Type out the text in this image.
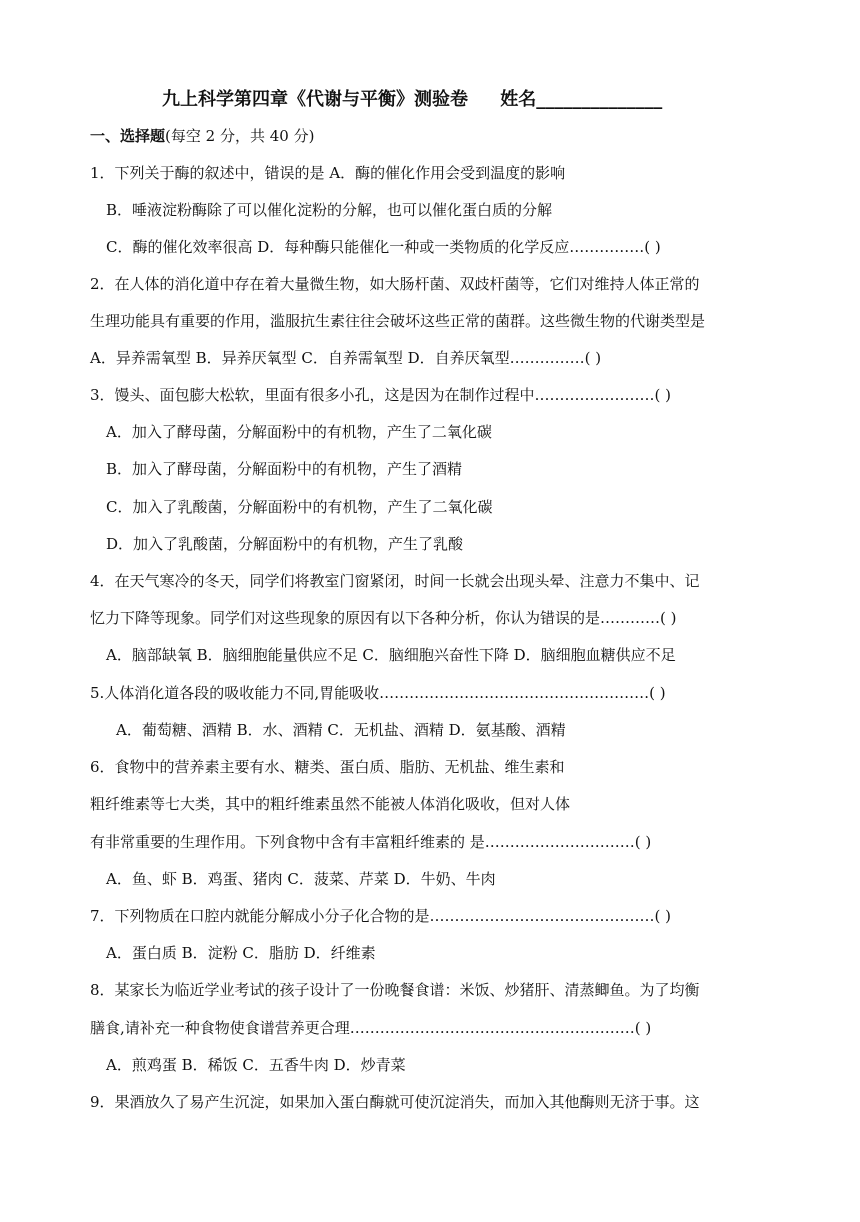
九上科学第四章《代谢与平衡》测验卷 姓名______________
一、选择题(每空 2 分，共 40 分)
1．下列关于酶的叙述中，错误的是 A．酶的催化作用会受到温度的影响
B．唾液淀粉酶除了可以催化淀粉的分解，也可以催化蛋白质的分解
C．酶的催化效率很高 D．每种酶只能催化一种或一类物质的化学反应……………( )
2．在人体的消化道中存在着大量微生物，如大肠杆菌、双歧杆菌等，它们对维持人体正常的
生理功能具有重要的作用，滥服抗生素往往会破坏这些正常的菌群。这些微生物的代谢类型是
A．异养需氧型 B．异养厌氧型 C．自养需氧型 D．自养厌氧型……………( )
3．馒头、面包膨大松软，里面有很多小孔，这是因为在制作过程中……………………( )
A．加入了酵母菌，分解面粉中的有机物，产生了二氧化碳
B．加入了酵母菌，分解面粉中的有机物，产生了酒精
C．加入了乳酸菌，分解面粉中的有机物，产生了二氧化碳
D．加入了乳酸菌，分解面粉中的有机物，产生了乳酸
4．在天气寒冷的冬天，同学们将教室门窗紧闭，时间一长就会出现头晕、注意力不集中、记
忆力下降等现象。同学们对这些现象的原因有以下各种分析，你认为错误的是…………( )
A．脑部缺氧 B．脑细胞能量供应不足 C．脑细胞兴奋性下降 D．脑细胞血糖供应不足
5.人体消化道各段的吸收能力不同,胃能吸收………………………………………………( )
A．葡萄糖、酒精 B．水、酒精 C．无机盐、酒精 D．氨基酸、酒精
6．食物中的营养素主要有水、糖类、蛋白质、脂肪、无机盐、维生素和
粗纤维素等七大类，其中的粗纤维素虽然不能被人体消化吸收，但对人体
有非常重要的生理作用。下列食物中含有丰富粗纤维素的 是…………………………( )
A．鱼、虾 B．鸡蛋、猪肉 C．菠菜、芹菜 D．牛奶、牛肉
7．下列物质在口腔内就能分解成小分子化合物的是………………………………………( )
A．蛋白质 B．淀粉 C．脂肪 D．纤维素
8．某家长为临近学业考试的孩子设计了一份晚餐食谱：米饭、炒猪肝、清蒸鲫鱼。为了均衡
膳食,请补充一种食物使食谱营养更合理…………………………………………………( )
A．煎鸡蛋 B．稀饭 C．五香牛肉 D．炒青菜
9．果酒放久了易产生沉淀，如果加入蛋白酶就可使沉淀消失，而加入其他酶则无济于事。这
